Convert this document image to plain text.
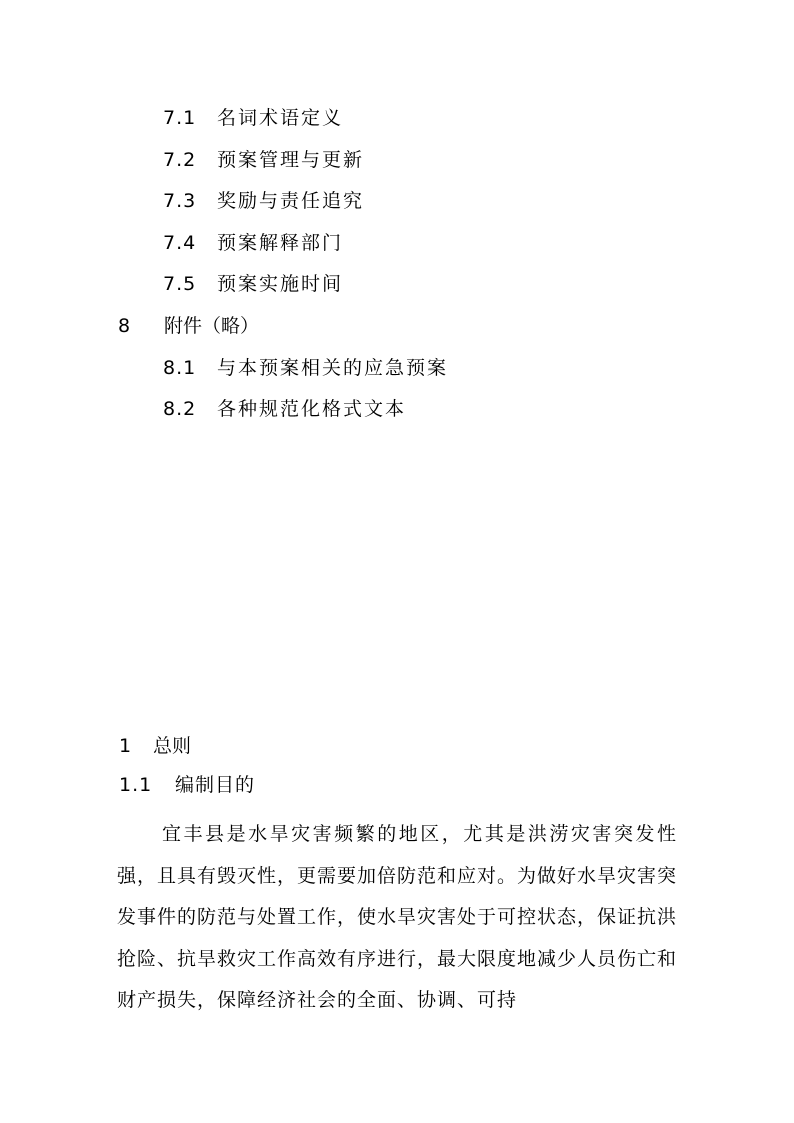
7.1 名词术语定义
7.2 预案管理与更新
7.3 奖励与责任追究
7.4 预案解释部门
7.5 预案实施时间
8 附件（略）
8.1 与本预案相关的应急预案
8.2 各种规范化格式文本
1 总则
1.1 编制目的

宜丰县是水旱灾害频繁的地区，尤其是洪涝灾害突发性强，且具有毁灭性，更需要加倍防范和应对。为做好水旱灾害突发事件的防范与处置工作，使水旱灾害处于可控状态，保证抗洪抢险、抗旱救灾工作高效有序进行，最大限度地减少人员伤亡和财产损失，保障经济社会的全面、协调、可持
